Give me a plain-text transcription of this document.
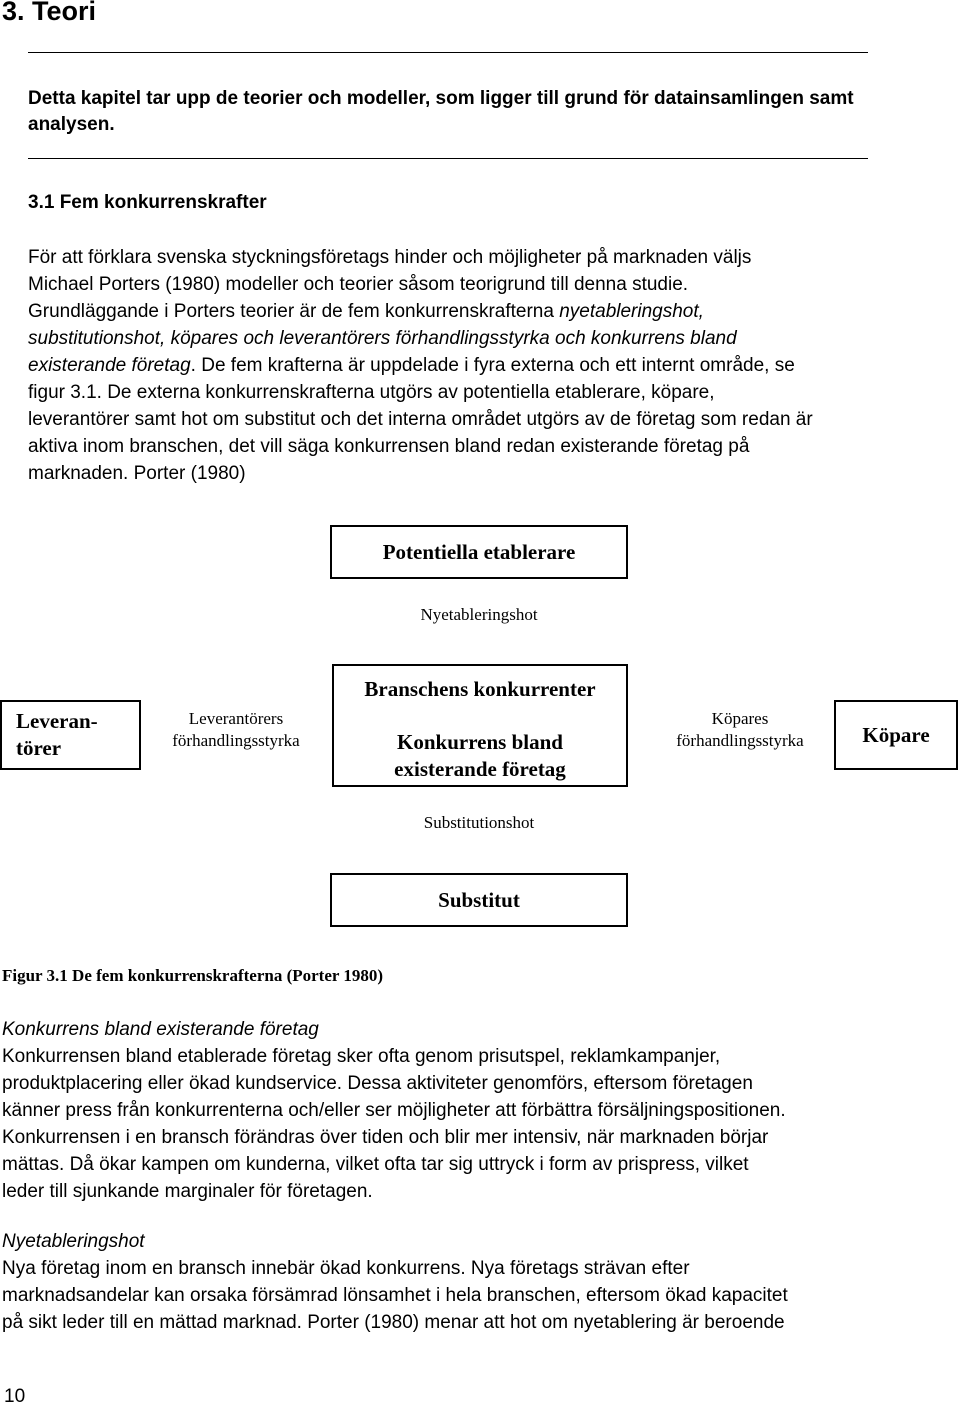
3. Teori
Detta kapitel tar upp de teorier och modeller, som ligger till grund för datainsamlingen samt analysen.
3.1 Fem konkurrenskrafter
För att förklara svenska styckningsföretags hinder och möjligheter på marknaden väljs
Michael Porters (1980) modeller och teorier såsom teorigrund till denna studie.
Grundläggande i Porters teorier är de fem konkurrenskrafterna nyetableringshot,
substitutionshot, köpares och leverantörers förhandlingsstyrka och konkurrens bland
existerande företag. De fem krafterna är uppdelade i fyra externa och ett internt område, se
figur 3.1. De externa konkurrenskrafterna utgörs av potentiella etablerare, köpare,
leverantörer samt hot om substitut och det interna området utgörs av de företag som redan är
aktiva inom branschen, det vill säga konkurrensen bland redan existerande företag på
marknaden. Porter (1980)
Potentiella etablerare
Nyetableringshot
Leveran-
törer
Leverantörers
förhandlingsstyrka
Branschens konkurrenter
Konkurrens bland
existerande företag
Köpares
förhandlingsstyrka	Köpare
Substitutionshot
Substitut
Figur 3.1 De fem konkurrenskrafterna (Porter 1980)
Konkurrens bland existerande företag
Konkurrensen bland etablerade företag sker ofta genom prisutspel, reklamkampanjer,
produktplacering eller ökad kundservice. Dessa aktiviteter genomförs, eftersom företagen
känner press från konkurrenterna och/eller ser möjligheter att förbättra försäljningspositionen.
Konkurrensen i en bransch förändras över tiden och blir mer intensiv, när marknaden börjar
mättas. Då ökar kampen om kunderna, vilket ofta tar sig uttryck i form av prispress, vilket
leder till sjunkande marginaler för företagen.
Nyetableringshot
Nya företag inom en bransch innebär ökad konkurrens. Nya företags strävan efter
marknadsandelar kan orsaka försämrad lönsamhet i hela branschen, eftersom ökad kapacitet
på sikt leder till en mättad marknad. Porter (1980) menar att hot om nyetablering är beroende
10
